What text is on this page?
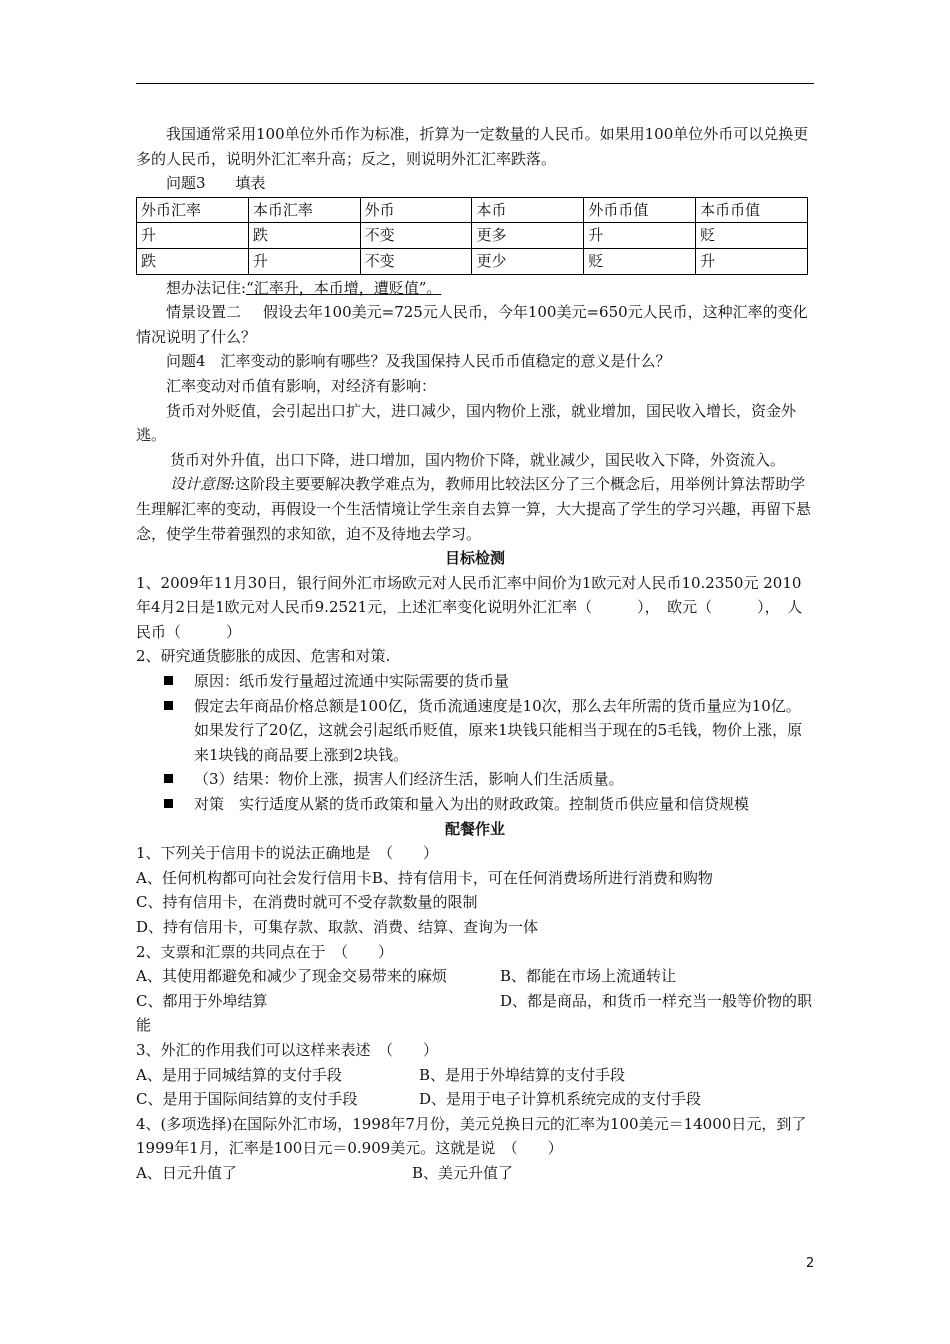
我国通常采用100单位外币作为标准，折算为一定数量的人民币。如果用100单位外币可以兑换更多的人民币，说明外汇汇率升高；反之，则说明外汇汇率跌落。

问题3 填表

外币汇率	本币汇率	外币	本币	外币币值	本币币值
升	跌	不变	更多	升	贬
跌	升	不变	更少	贬	升

想办法记住:“汇率升，本币增，遭贬值”。

情景设置二 假设去年100美元=725元人民币，今年100美元=650元人民币，这种汇率的变化情况说明了什么？

问题4 汇率变动的影响有哪些？及我国保持人民币币值稳定的意义是什么？

汇率变动对币值有影响，对经济有影响：

货币对外贬值，会引起出口扩大，进口减少，国内物价上涨，就业增加，国民收入增长，资金外逃。

货币对外升值，出口下降，进口增加，国内物价下降，就业减少，国民收入下降，外资流入。

设计意图:这阶段主要要解决教学难点为，教师用比较法区分了三个概念后，用举例计算法帮助学生理解汇率的变动，再假设一个生活情境让学生亲自去算一算，大大提高了学生的学习兴趣，再留下悬念，使学生带着强烈的求知欲，迫不及待地去学习。

目标检测

1、2009年11月30日，银行间外汇市场欧元对人民币汇率中间价为1欧元对人民币10.2350元 2010年4月2日是1欧元对人民币9.2521元，上述汇率变化说明外汇汇率（　　　），　欧元（　　　），　人民币（　　　）

2、研究通货膨胀的成因、危害和对策.

原因：纸币发行量超过流通中实际需要的货币量
假定去年商品价格总额是100亿，货币流通速度是10次，那么去年所需的货币量应为10亿。如果发行了20亿，这就会引起纸币贬值，原来1块钱只能相当于现在的5毛钱，物价上涨，原来1块钱的商品要上涨到2块钱。
（3）结果：物价上涨，损害人们经济生活，影响人们生活质量。
对策　实行适度从紧的货币政策和量入为出的财政政策。控制货币供应量和信贷规模

配餐作业

1、下列关于信用卡的说法正确地是　（　　）

A、任何机构都可向社会发行信用卡B、持有信用卡，可在任何消费场所进行消费和购物

C、持有信用卡，在消费时就可不受存款数量的限制

D、持有信用卡，可集存款、取款、消费、结算、查询为一体

2、支票和汇票的共同点在于　（　　）

A、其使用都避免和减少了现金交易带来的麻烦	B、都能在市场上流通转让
C、都用于外埠结算	D、都是商品，和货币一样充当一般等价物的职能

3、外汇的作用我们可以这样来表述　（　　）

A、是用于同城结算的支付手段	B、是用于外埠结算的支付手段
C、是用于国际间结算的支付手段	D、是用于电子计算机系统完成的支付手段

4、(多项选择)在国际外汇市场，1998年7月份，美元兑换日元的汇率为100美元＝14000日元，到了1999年1月，汇率是100日元＝0.909美元。这就是说　（　　）

A、日元升值了	B、美元升值了
2
